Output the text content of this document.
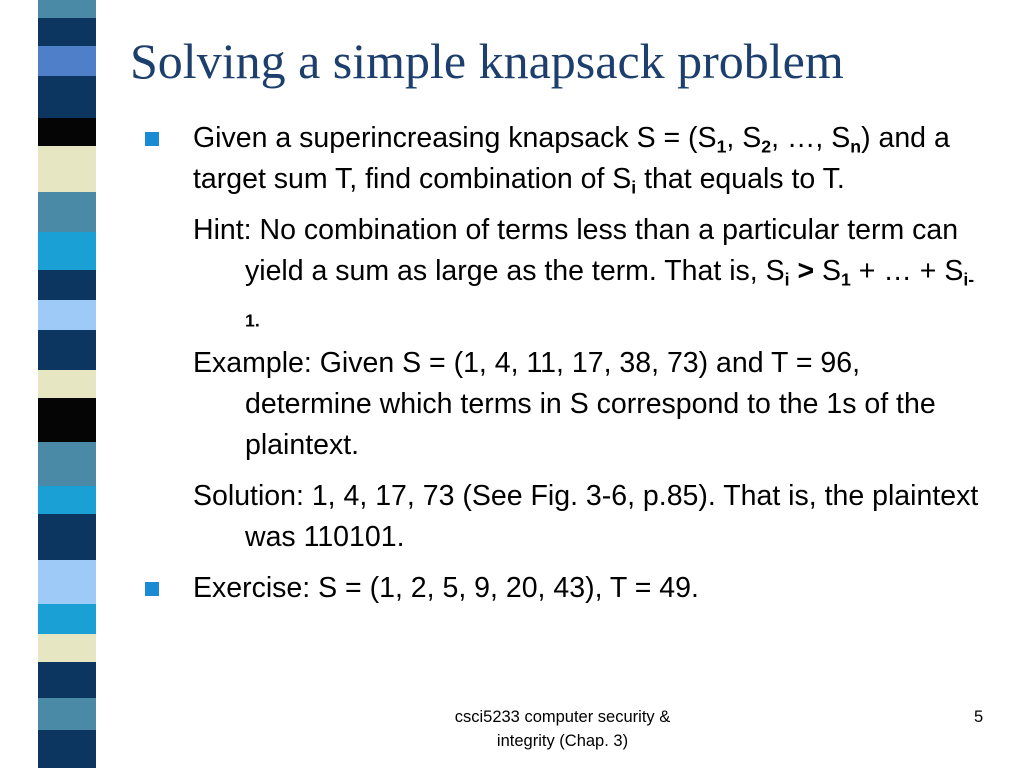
Solving a simple knapsack problem

Given a superincreasing knapsack $S = (S_1$, $S_2$, …, $S_n$) and a target sum T, find combination of $S_i$ that equals to T.

Hint: No combination of terms less than a particular term can yield a sum as large as the term. That is, $S_i > S_1$ + … + $S_{i-1.}$

Example: Given S = (1, 4, 11, 17, 38, 73) and T = 96, determine which terms in S correspond to the 1s of the plaintext.

Solution: 1, 4, 17, 73 (See Fig. 3-6, p.85). That is, the plaintext was 110101.

Exercise: S = (1, 2, 5, 9, 20, 43), T = 49.

csci5233 computer security &
integrity (Chap. 3)
5
